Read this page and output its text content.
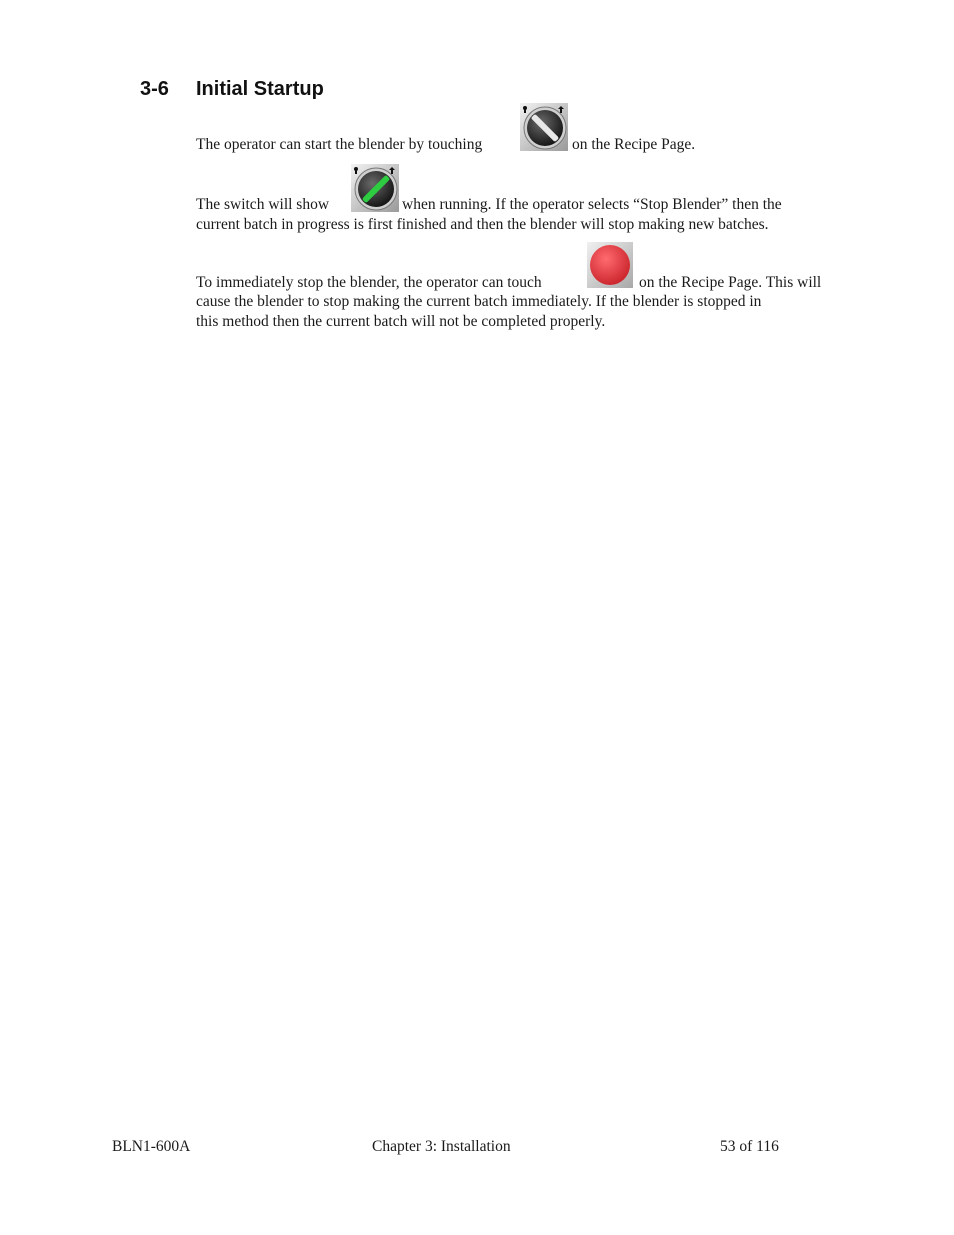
3-6 Initial Startup
The operator can start the blender by touching	on the Recipe Page.
The switch will show	when running. If the operator selects “Stop Blender” then the
current batch in progress is first finished and then the blender will stop making new batches.
To immediately stop the blender, the operator can touch	on the Recipe Page. This will
cause the blender to stop making the current batch immediately. If the blender is stopped in
this method then the current batch will not be completed properly.
BLN1-600A	Chapter 3: Installation	53 of 116
